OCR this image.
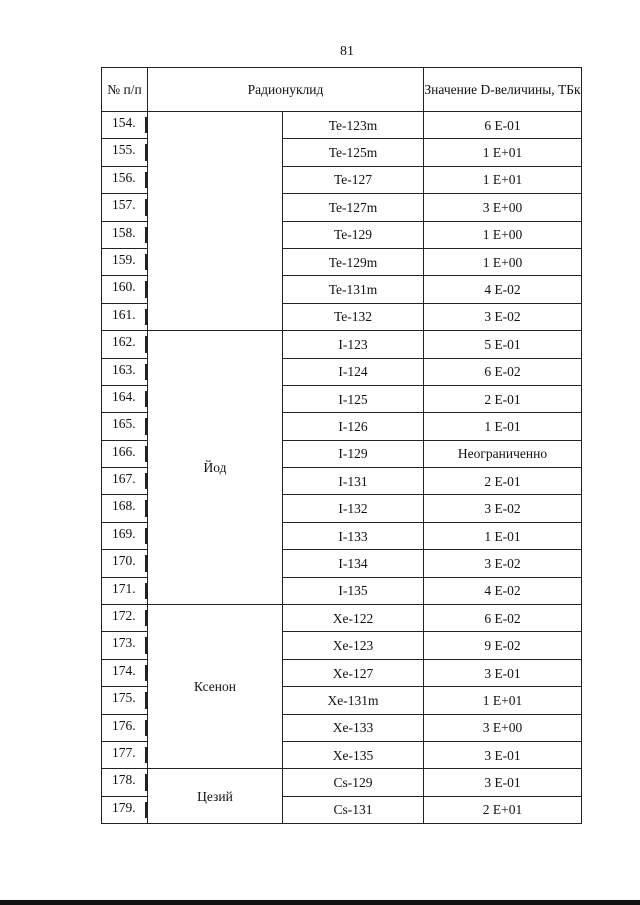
81
№ п/п	Радионуклид		Значение D-величины, ТБк
154.		Te-123m	6 E-01
155.		Te-125m	1 E+01
156.		Te-127	1 E+01
157.		Te-127m	3 E+00
158.		Te-129	1 E+00
159.		Te-129m	1 E+00
160.		Te-131m	4 E-02
161.		Te-132	3 E-02
162.	Йод	I-123	5 E-01
163.		I-124	6 E-02
164.		I-125	2 E-01
165.		I-126	1 E-01
166.		I-129	Неограниченно
167.		I-131	2 E-01
168.		I-132	3 E-02
169.		I-133	1 E-01
170.		I-134	3 E-02
171.		I-135	4 E-02
172.	Ксенон	Xe-122	6 E-02
173.		Xe-123	9 E-02
174.		Xe-127	3 E-01
175.		Xe-131m	1 E+01
176.		Xe-133	3 E+00
177.		Xe-135	3 E-01
178.	Цезий	Cs-129	3 E-01
179.		Cs-131	2 E+01
